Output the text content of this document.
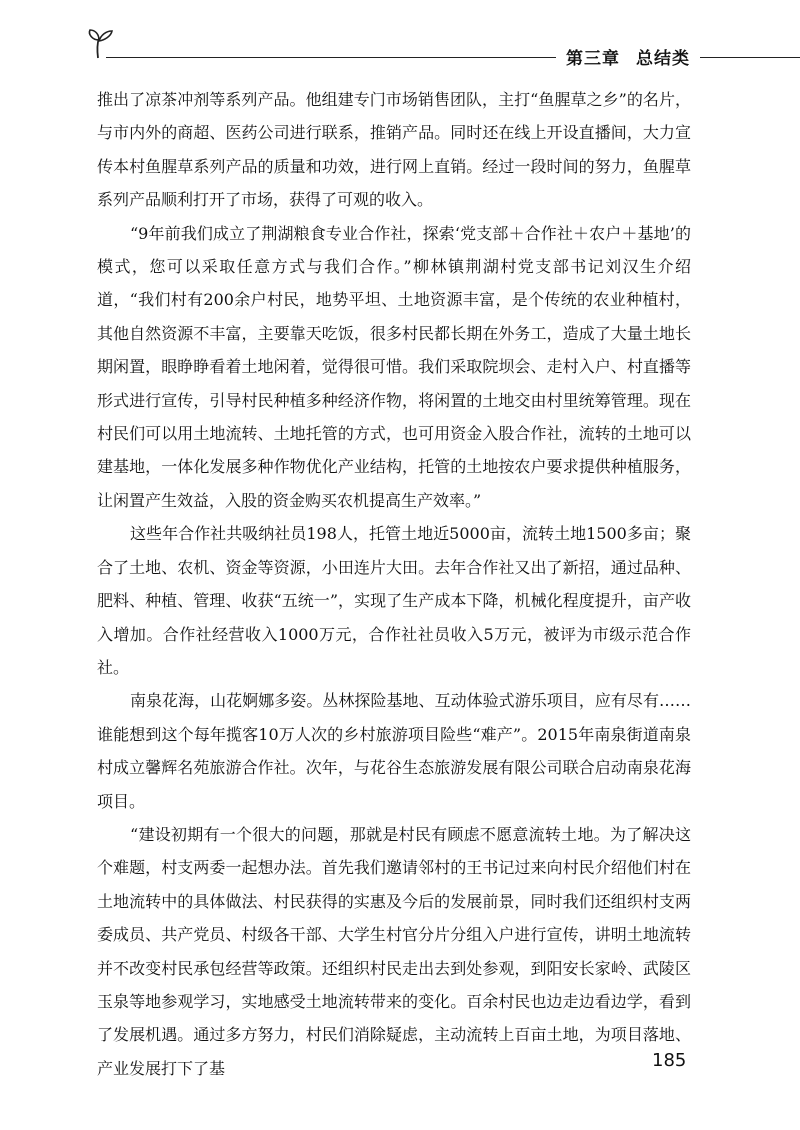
第三章 总结类

推出了凉茶冲剂等系列产品。他组建专门市场销售团队，主打“鱼腥草之乡”的名片，与市内外的商超、医药公司进行联系，推销产品。同时还在线上开设直播间，大力宣传本村鱼腥草系列产品的质量和功效，进行网上直销。经过一段时间的努力，鱼腥草系列产品顺利打开了市场，获得了可观的收入。

“9年前我们成立了荆湖粮食专业合作社，探索‘党支部＋合作社＋农户＋基地’的模式，您可以采取任意方式与我们合作。”柳林镇荆湖村党支部书记刘汉生介绍道，“我们村有200余户村民，地势平坦、土地资源丰富，是个传统的农业种植村，其他自然资源不丰富，主要靠天吃饭，很多村民都长期在外务工，造成了大量土地长期闲置，眼睁睁看着土地闲着，觉得很可惜。我们采取院坝会、走村入户、村直播等形式进行宣传，引导村民种植多种经济作物，将闲置的土地交由村里统筹管理。现在村民们可以用土地流转、土地托管的方式，也可用资金入股合作社，流转的土地可以建基地，一体化发展多种作物优化产业结构，托管的土地按农户要求提供种植服务，让闲置产生效益，入股的资金购买农机提高生产效率。”

这些年合作社共吸纳社员198人，托管土地近5000亩，流转土地1500多亩；聚合了土地、农机、资金等资源，小田连片大田。去年合作社又出了新招，通过品种、肥料、种植、管理、收获“五统一”，实现了生产成本下降，机械化程度提升，亩产收入增加。合作社经营收入1000万元，合作社社员收入5万元，被评为市级示范合作社。

南泉花海，山花婀娜多姿。丛林探险基地、互动体验式游乐项目，应有尽有……谁能想到这个每年揽客10万人次的乡村旅游项目险些“难产”。2015年南泉街道南泉村成立馨辉名苑旅游合作社。次年，与花谷生态旅游发展有限公司联合启动南泉花海项目。

“建设初期有一个很大的问题，那就是村民有顾虑不愿意流转土地。为了解决这个难题，村支两委一起想办法。首先我们邀请邻村的王书记过来向村民介绍他们村在土地流转中的具体做法、村民获得的实惠及今后的发展前景，同时我们还组织村支两委成员、共产党员、村级各干部、大学生村官分片分组入户进行宣传，讲明土地流转并不改变村民承包经营等政策。还组织村民走出去到处参观，到阳安长家岭、武陵区玉泉等地参观学习，实地感受土地流转带来的变化。百余村民也边走边看边学，看到了发展机遇。通过多方努力，村民们消除疑虑，主动流转上百亩土地，为项目落地、产业发展打下了基	185
